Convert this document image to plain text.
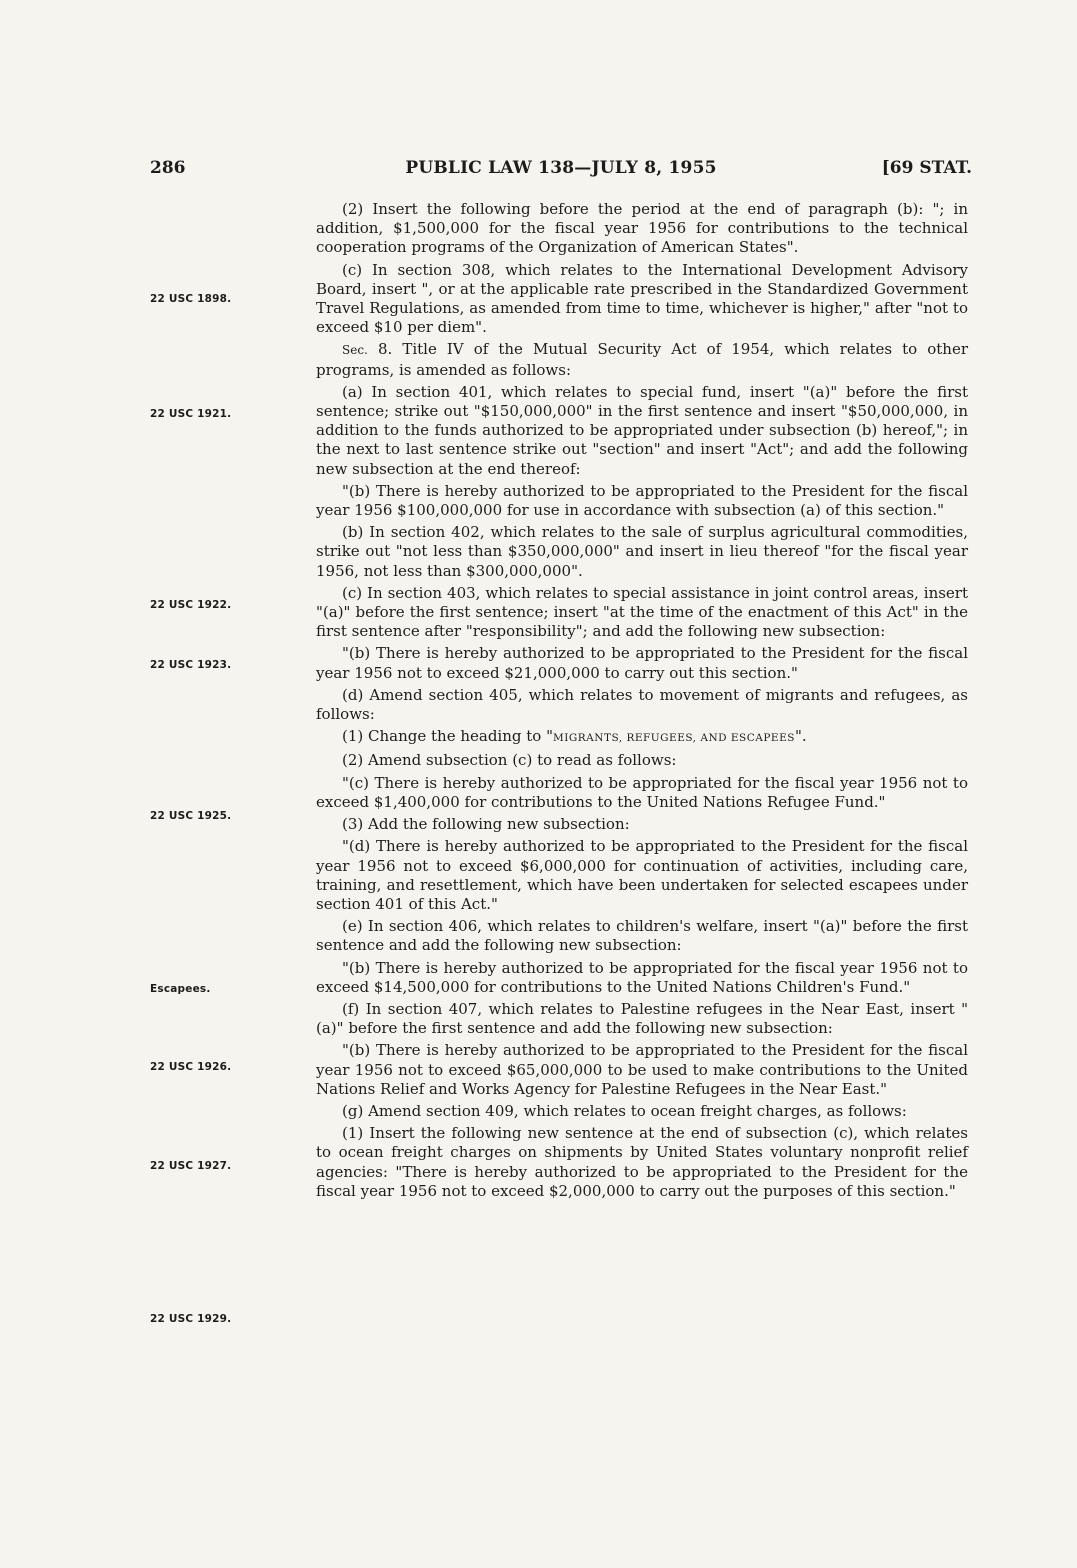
286	PUBLIC LAW 138—JULY 8, 1955	[69 STAT.
22 USC 1898.
22 USC 1921.
22 USC 1922.
22 USC 1923.
22 USC 1925.
Escapees.
22 USC 1926.
22 USC 1927.
22 USC 1929.

(2) Insert the following before the period at the end of paragraph (b): "; in addition, $1,500,000 for the fiscal year 1956 for contributions to the technical cooperation programs of the Organization of American States".

(c) In section 308, which relates to the International Development Advisory Board, insert ", or at the applicable rate prescribed in the Standardized Government Travel Regulations, as amended from time to time, whichever is higher," after "not to exceed $10 per diem".

Sec. 8. Title IV of the Mutual Security Act of 1954, which relates to other programs, is amended as follows:

(a) In section 401, which relates to special fund, insert "(a)" before the first sentence; strike out "$150,000,000" in the first sentence and insert "$50,000,000, in addition to the funds authorized to be appropriated under subsection (b) hereof,"; in the next to last sentence strike out "section" and insert "Act"; and add the following new subsection at the end thereof:

"(b) There is hereby authorized to be appropriated to the President for the fiscal year 1956 $100,000,000 for use in accordance with subsection (a) of this section."

(b) In section 402, which relates to the sale of surplus agricultural commodities, strike out "not less than $350,000,000" and insert in lieu thereof "for the fiscal year 1956, not less than $300,000,000".

(c) In section 403, which relates to special assistance in joint control areas, insert "(a)" before the first sentence; insert "at the time of the enactment of this Act" in the first sentence after "responsibility"; and add the following new subsection:

"(b) There is hereby authorized to be appropriated to the President for the fiscal year 1956 not to exceed $21,000,000 to carry out this section."

(d) Amend section 405, which relates to movement of migrants and refugees, as follows:

(1) Change the heading to "MIGRANTS, REFUGEES, AND ESCAPEES".

(2) Amend subsection (c) to read as follows:

"(c) There is hereby authorized to be appropriated for the fiscal year 1956 not to exceed $1,400,000 for contributions to the United Nations Refugee Fund."

(3) Add the following new subsection:

"(d) There is hereby authorized to be appropriated to the President for the fiscal year 1956 not to exceed $6,000,000 for continuation of activities, including care, training, and resettlement, which have been undertaken for selected escapees under section 401 of this Act."

(e) In section 406, which relates to children's welfare, insert "(a)" before the first sentence and add the following new subsection:

"(b) There is hereby authorized to be appropriated for the fiscal year 1956 not to exceed $14,500,000 for contributions to the United Nations Children's Fund."

(f) In section 407, which relates to Palestine refugees in the Near East, insert "(a)" before the first sentence and add the following new subsection:

"(b) There is hereby authorized to be appropriated to the President for the fiscal year 1956 not to exceed $65,000,000 to be used to make contributions to the United Nations Relief and Works Agency for Palestine Refugees in the Near East."

(g) Amend section 409, which relates to ocean freight charges, as follows:

(1) Insert the following new sentence at the end of subsection (c), which relates to ocean freight charges on shipments by United States voluntary nonprofit relief agencies: "There is hereby authorized to be appropriated to the President for the fiscal year 1956 not to exceed $2,000,000 to carry out the purposes of this section."
